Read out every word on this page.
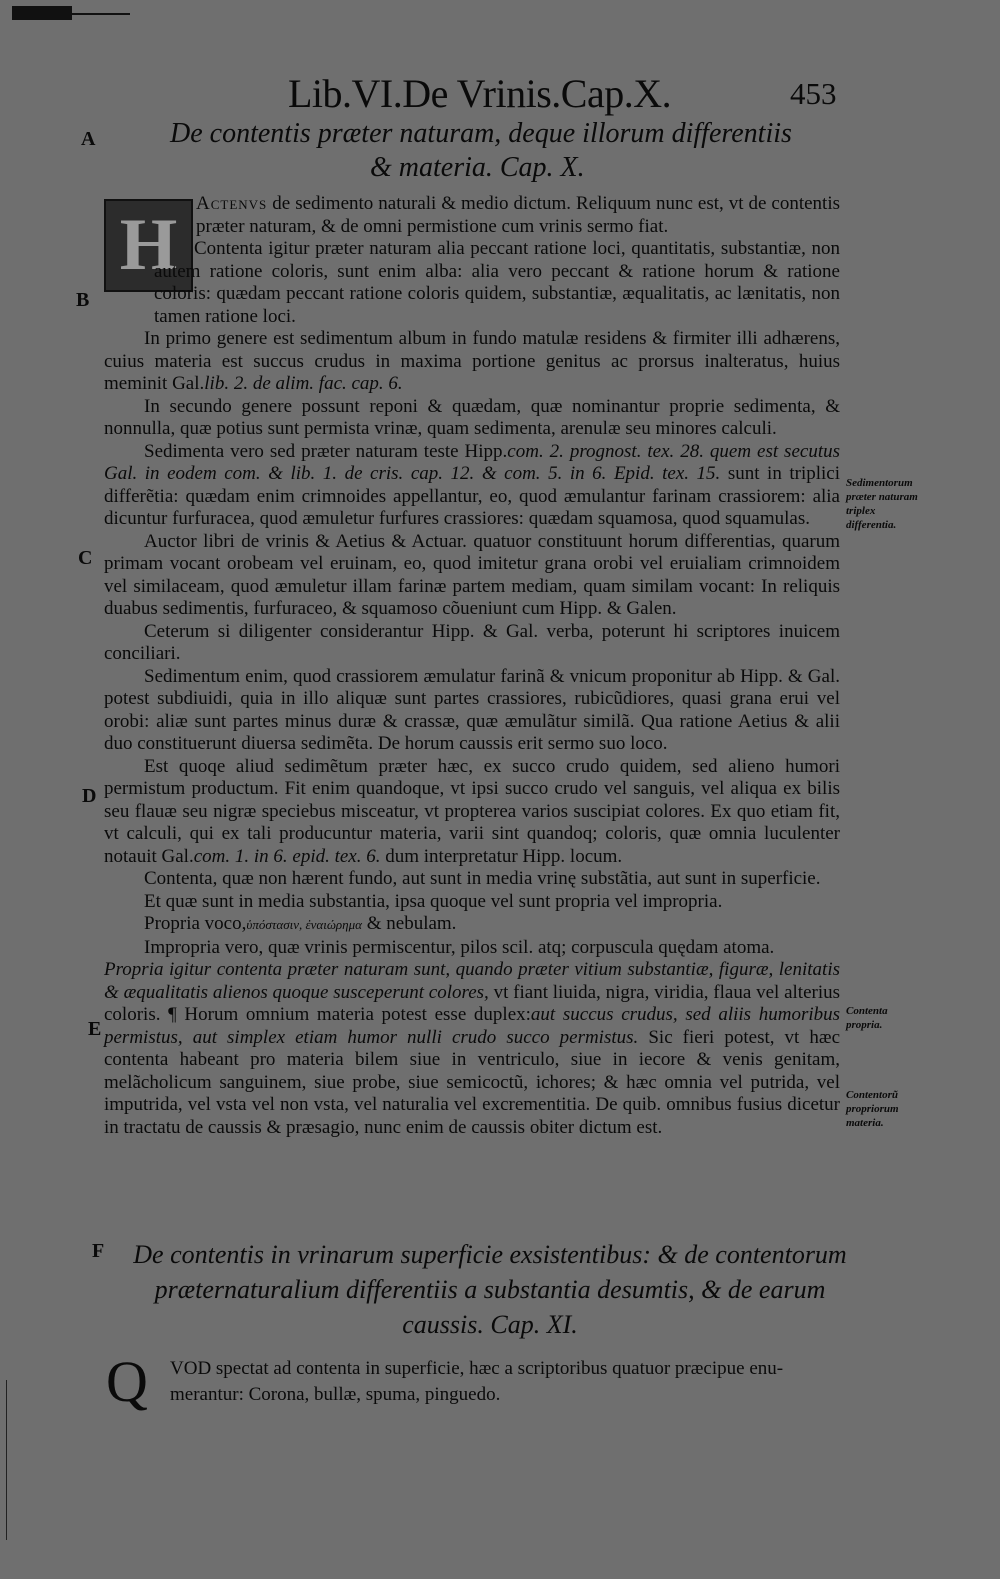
Lib.VI.De Vrinis.Cap.X.	453
A
B
C
D
E
F
De contentis præter naturam, deque illorum differentiis
& materia. Cap. X.
H

Actenvs de sedimento naturali & medio dictum. Reliquum nunc est, vt de contentis præter naturam, & de omni permistione cum vrinis sermo fiat.

Contenta igitur præter naturam alia peccant ratione loci, quantitatis, substantiæ, non autem ratione coloris, sunt enim alba: alia vero peccant & ratione horum & ratione coloris: quædam peccant ratione coloris quidem, substantiæ, æqualitatis, ac lænitatis, non tamen ratione loci.

In primo genere est sedimentum album in fundo matulæ residens & firmiter illi adhærens, cuius materia est succus crudus in maxima portione genitus ac prorsus inalteratus, huius meminit Gal.lib. 2. de alim. fac. cap. 6.

In secundo genere possunt reponi & quædam, quæ nominantur proprie sedimenta, & nonnulla, quæ potius sunt permista vrinæ, quam sedimenta, arenulæ seu minores calculi.

Sedimenta vero sed præter naturam teste Hipp.com. 2. prognost. tex. 28. quem est secutus Gal. in eodem com. & lib. 1. de cris. cap. 12. & com. 5. in 6. Epid. tex. 15. sunt in triplici differẽtia: quædam enim crimnoides appellantur, eo, quod æmulantur farinam crassiorem: alia dicuntur furfuracea, quod æmuletur furfures crassiores: quædam squamosa, quod squamulas.

Auctor libri de vrinis & Aetius & Actuar. quatuor constituunt horum differentias, quarum primam vocant orobeam vel eruinam, eo, quod imitetur grana orobi vel eruialiam crimnoidem vel similaceam, quod æmuletur illam farinæ partem mediam, quam similam vocant: In reliquis duabus sedimentis, furfuraceo, & squamoso cõueniunt cum Hipp. & Galen.

Ceterum si diligenter considerantur Hipp. & Gal. verba, poterunt hi scriptores inuicem conciliari.

Sedimentum enim, quod crassiorem æmulatur farinã & vnicum proponitur ab Hipp. & Gal. potest subdiuidi, quia in illo aliquæ sunt partes crassiores, rubicũdiores, quasi grana erui vel orobi: aliæ sunt partes minus duræ & crassæ, quæ æmulãtur similã. Qua ratione Aetius & alii duo constituerunt diuersa sedimẽta. De horum caussis erit sermo suo loco.

Est quoqe aliud sedimẽtum præter hæc, ex succo crudo quidem, sed alieno humori permistum productum. Fit enim quandoque, vt ipsi succo crudo vel sanguis, vel aliqua ex bilis seu flauæ seu nigræ speciebus misceatur, vt propterea varios suscipiat colores. Ex quo etiam fit, vt calculi, qui ex tali producuntur materia, varii sint quandoq; coloris, quæ omnia luculenter notauit Gal.com. 1. in 6. epid. tex. 6. dum interpretatur Hipp. locum.

Contenta, quæ non hærent fundo, aut sunt in media vrinę substãtia, aut sunt in superficie.

Et quæ sunt in media substantia, ipsa quoque vel sunt propria vel impropria.

Propria voco,ὑπόστασιν, ἐναιώρημα & nebulam.

Impropria vero, quæ vrinis permiscentur, pilos scil. atq; corpuscula quędam atoma.

Propria igitur contenta præter naturam sunt, quando præter vitium substantiæ, figuræ, lenitatis & æqualitatis alienos quoque susceperunt colores, vt fiant liuida, nigra, viridia, flaua vel alterius coloris. ¶ Horum omnium materia potest esse duplex:aut succus crudus, sed aliis humoribus permistus, aut simplex etiam humor nulli crudo succo permistus. Sic fieri potest, vt hæc contenta habeant pro materia bilem siue in ventriculo, siue in iecore & venis genitam, melãcholicum sanguinem, siue probe, siue semicoctũ, ichores; & hæc omnia vel putrida, vel imputrida, vel vsta vel non vsta, vel naturalia vel excrementitia. De quib. omnibus fusius dicetur in tractatu de caussis & præsagio, nunc enim de caussis obiter dictum est.

Sedimentorum præter naturam triplex differentia.
Contenta propria.
Contentorũ propriorum materia.
De contentis in vrinarum superficie exsistentibus: & de contentorum præternaturalium differentiis a substantia desumtis, & de earum caussis. Cap. XI.
Q VOD spectat ad contenta in superficie, hæc a scriptoribus quatuor præcipue enu-
merantur: Corona, bullæ, spuma, pinguedo.
